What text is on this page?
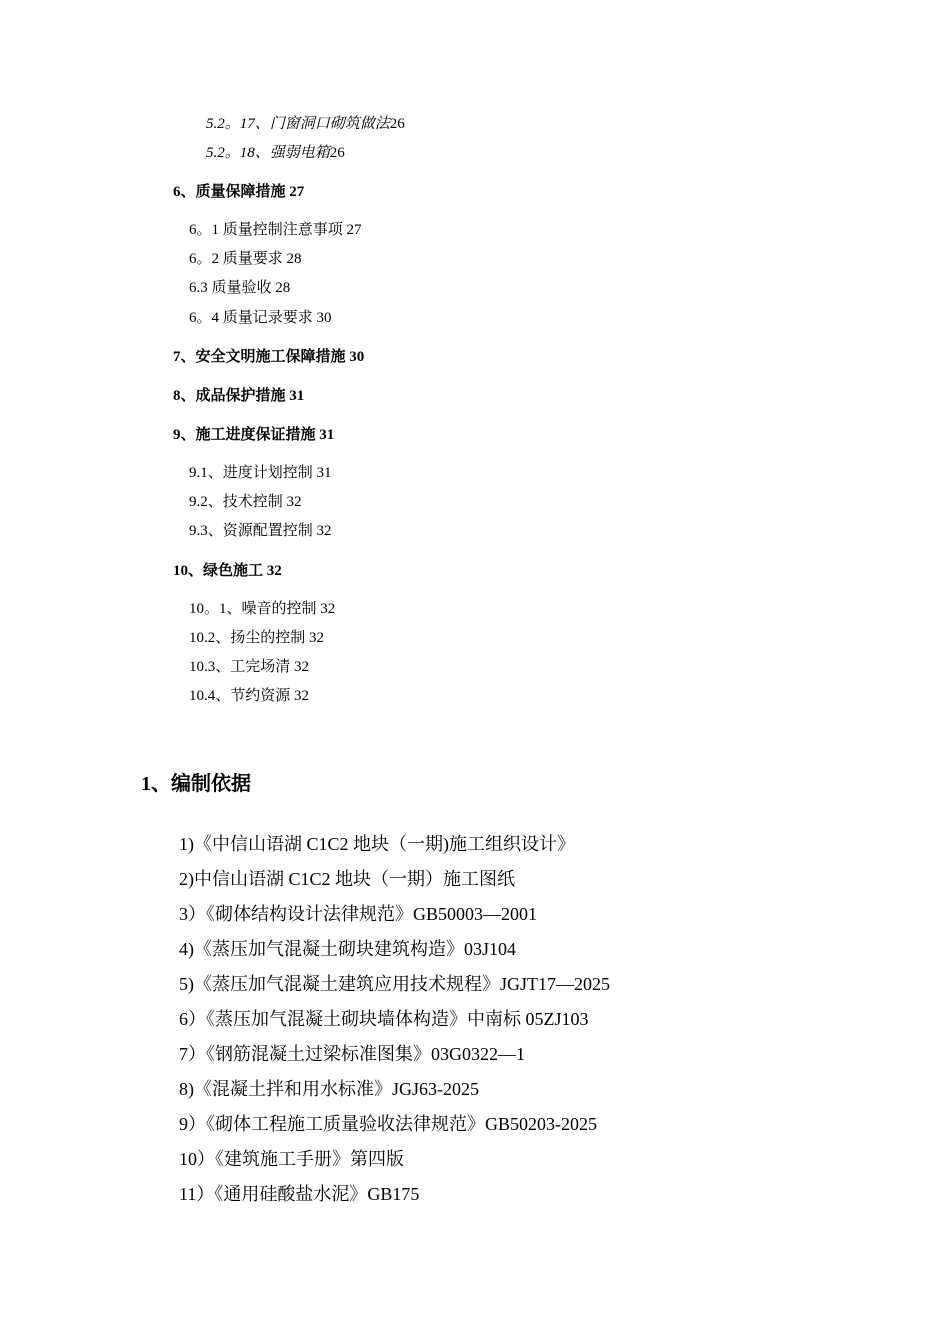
5.2。17、门窗洞口砌筑做法26
5.2。18、强弱电箱26
6、质量保障措施 27
6。1 质量控制注意事项 27
6。2 质量要求 28
6.3 质量验收 28
6。4 质量记录要求 30
7、安全文明施工保障措施 30
8、成品保护措施 31
9、施工进度保证措施 31
9.1、进度计划控制 31
9.2、技术控制 32
9.3、资源配置控制 32
10、绿色施工 32
10。1、噪音的控制 32
10.2、扬尘的控制 32
10.3、工完场清 32
10.4、节约资源 32
1、编制依据
1)《中信山语湖 C1C2 地块（一期)施工组织设计》
2)中信山语湖 C1C2 地块（一期）施工图纸
3）《砌体结构设计法律规范》GB50003—2001
4)《蒸压加气混凝土砌块建筑构造》03J104
5)《蒸压加气混凝土建筑应用技术规程》JGJT17—2025
6）《蒸压加气混凝土砌块墙体构造》中南标 05ZJ103
7）《钢筋混凝土过梁标准图集》03G0322—1
8)《混凝土拌和用水标准》JGJ63-2025
9）《砌体工程施工质量验收法律规范》GB50203-2025
10）《建筑施工手册》第四版
11）《通用硅酸盐水泥》GB175
